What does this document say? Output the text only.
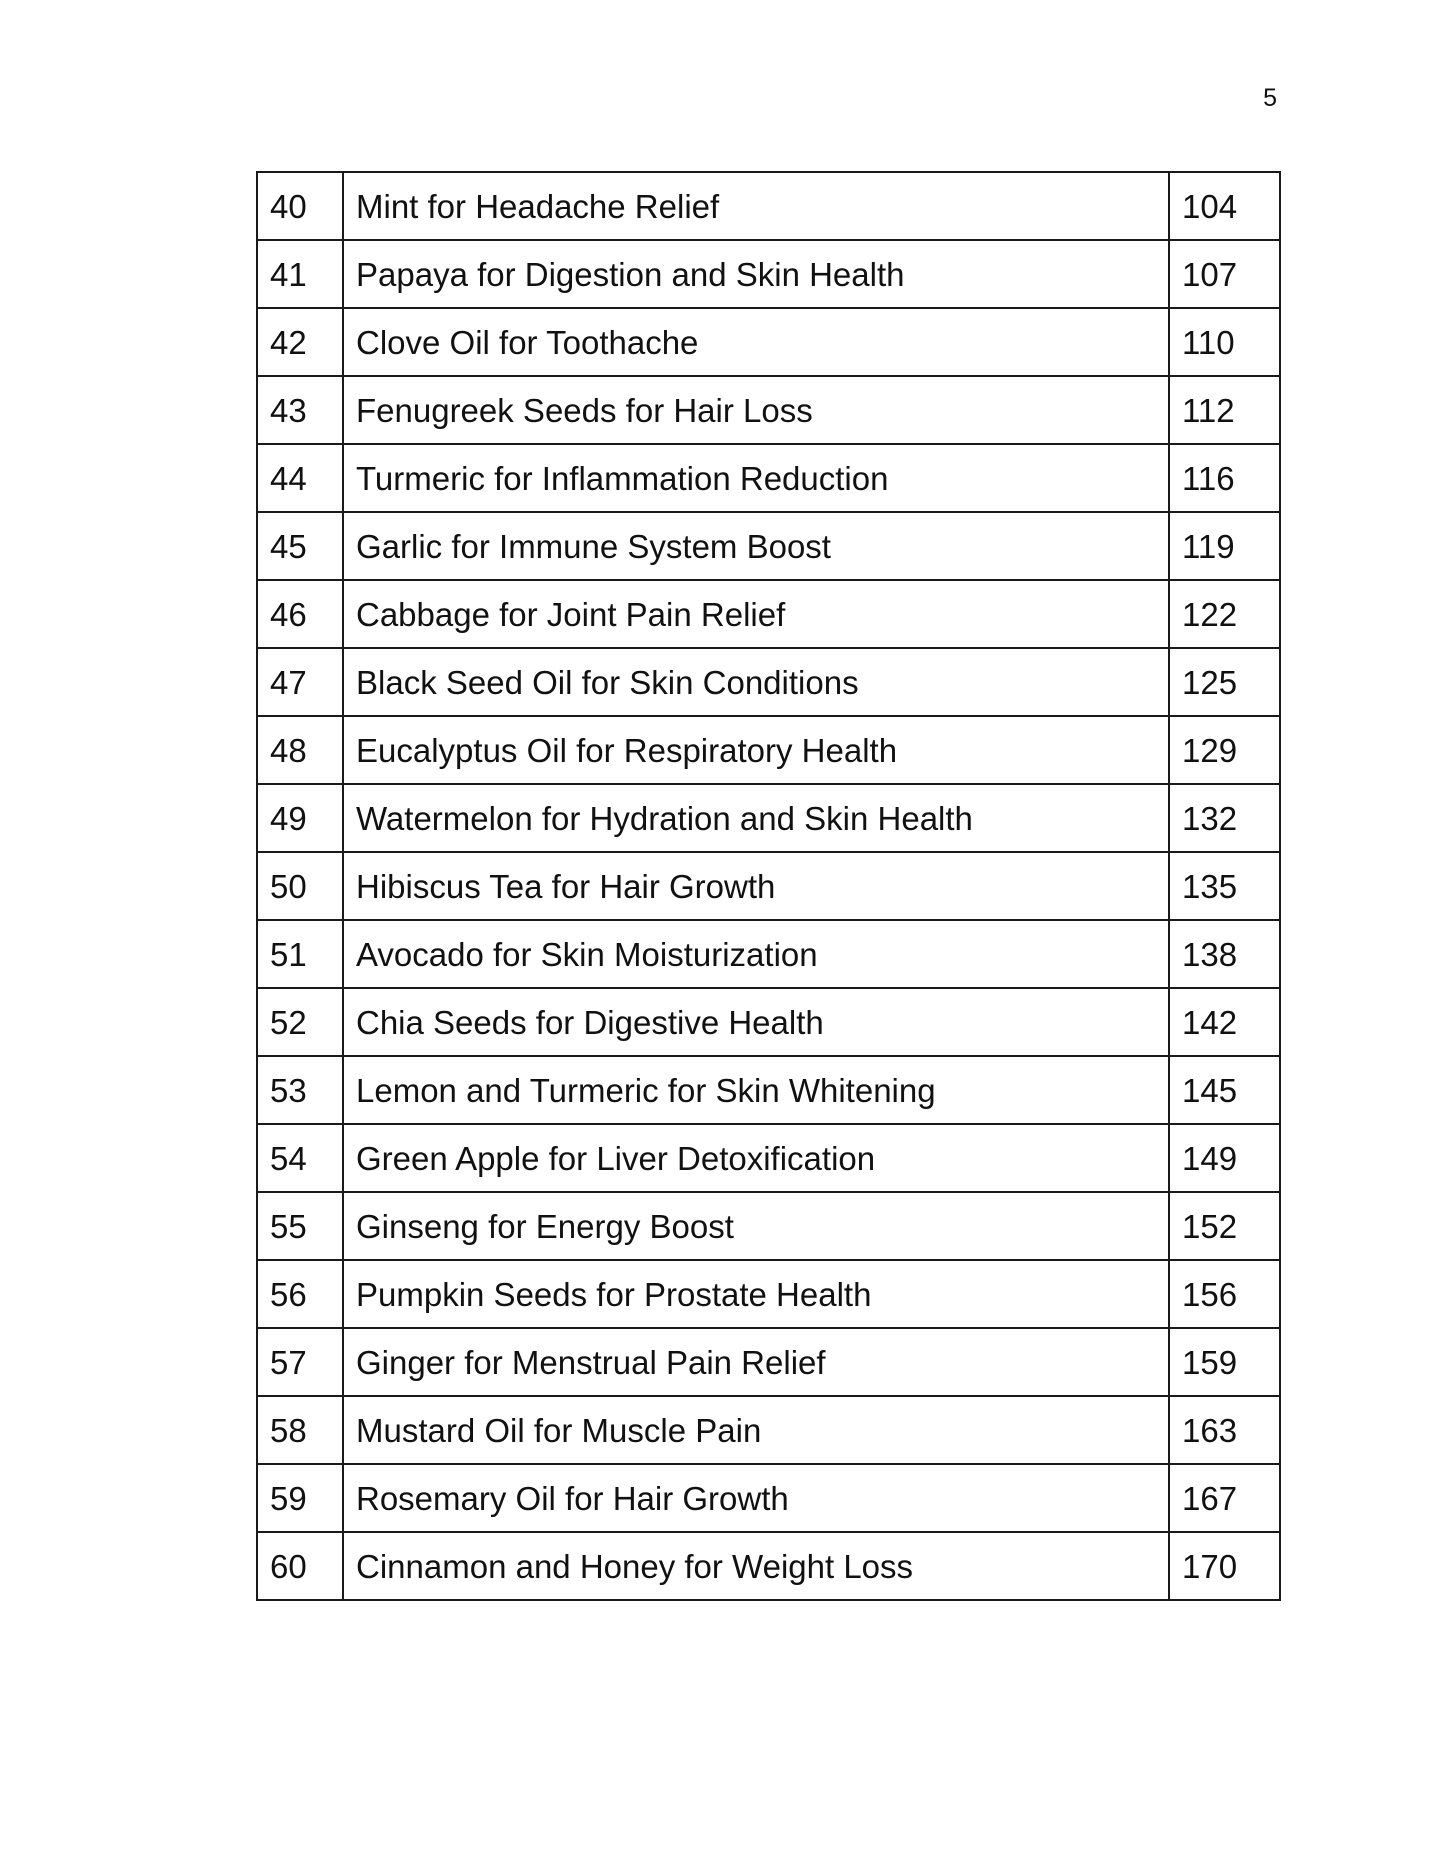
5
40	Mint for Headache Relief	104
41	Papaya for Digestion and Skin Health	107
42	Clove Oil for Toothache	110
43	Fenugreek Seeds for Hair Loss	112
44	Turmeric for Inflammation Reduction	116
45	Garlic for Immune System Boost	119
46	Cabbage for Joint Pain Relief	122
47	Black Seed Oil for Skin Conditions	125
48	Eucalyptus Oil for Respiratory Health	129
49	Watermelon for Hydration and Skin Health	132
50	Hibiscus Tea for Hair Growth	135
51	Avocado for Skin Moisturization	138
52	Chia Seeds for Digestive Health	142
53	Lemon and Turmeric for Skin Whitening	145
54	Green Apple for Liver Detoxification	149
55	Ginseng for Energy Boost	152
56	Pumpkin Seeds for Prostate Health	156
57	Ginger for Menstrual Pain Relief	159
58	Mustard Oil for Muscle Pain	163
59	Rosemary Oil for Hair Growth	167
60	Cinnamon and Honey for Weight Loss	170
